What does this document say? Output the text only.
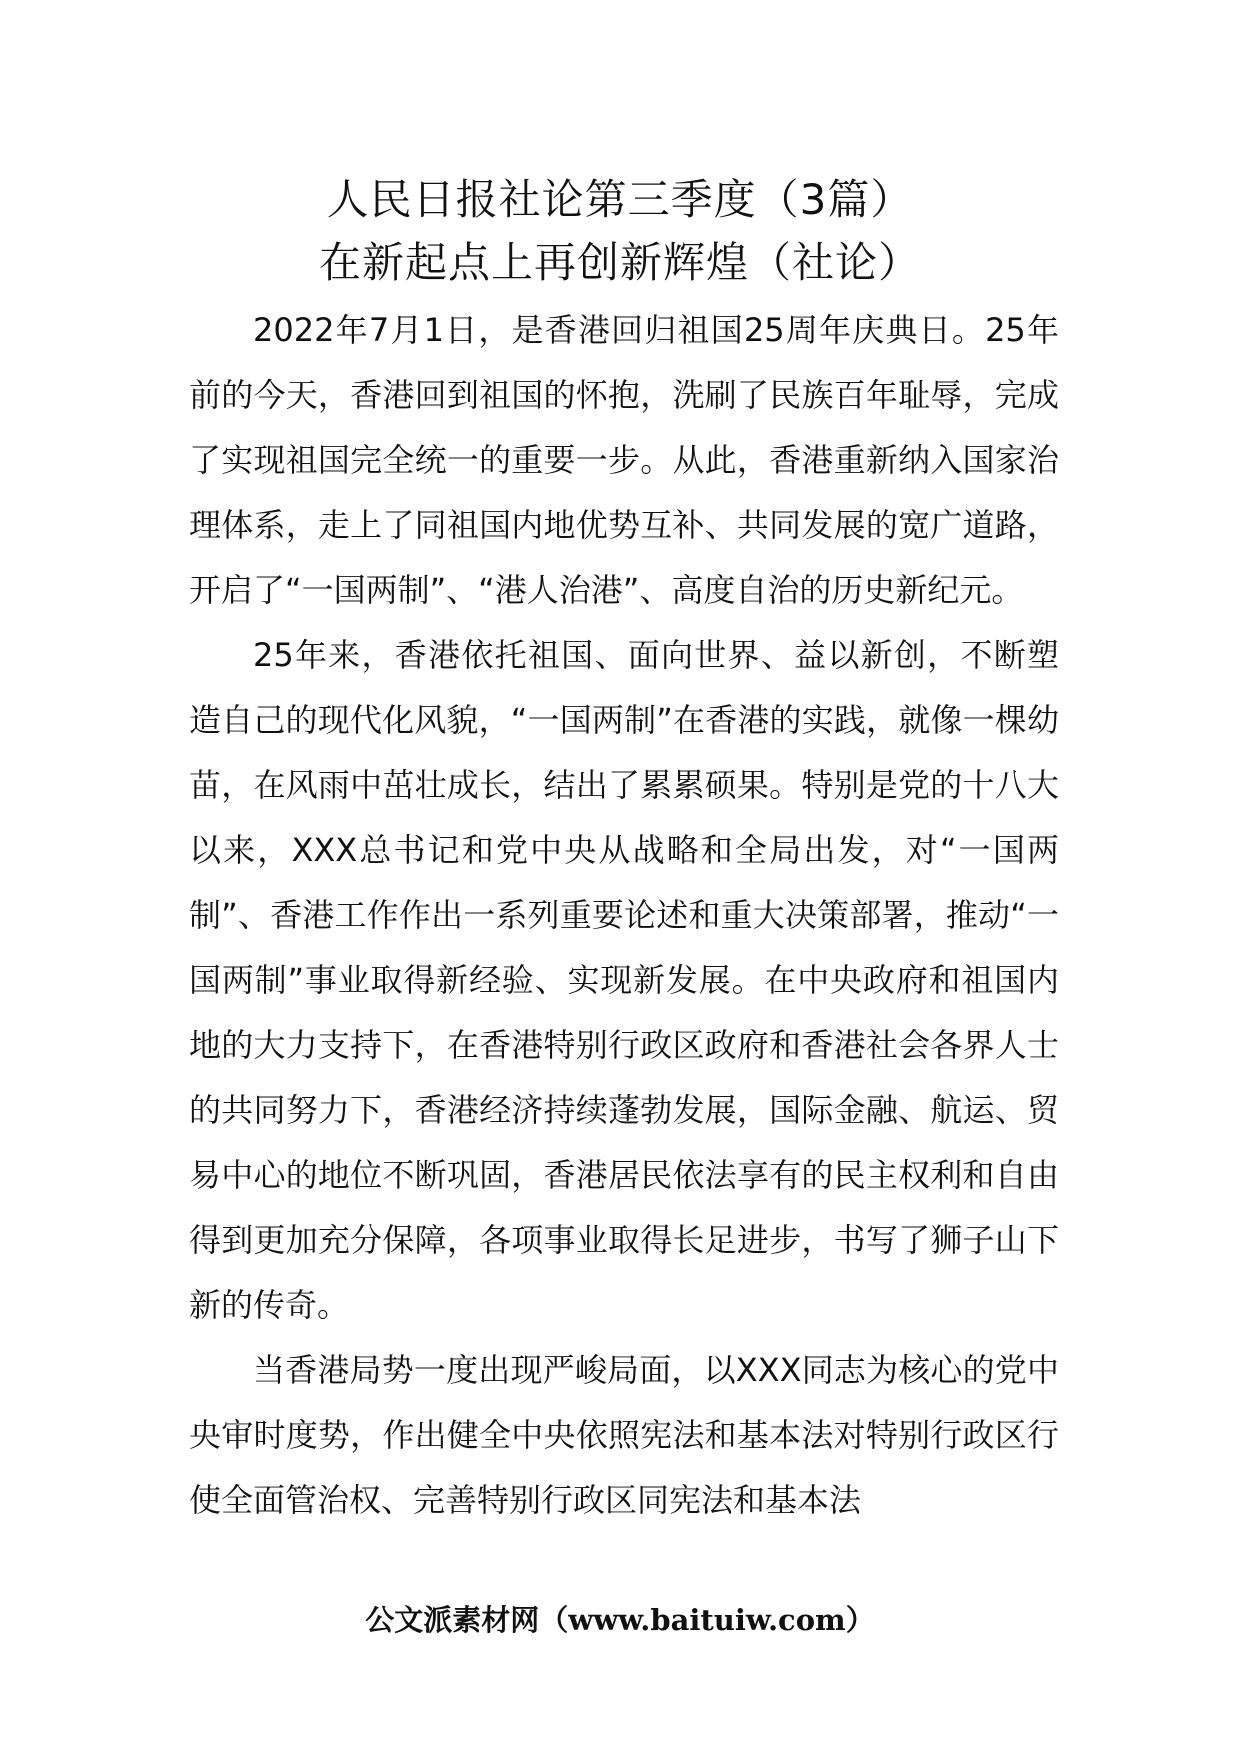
人民日报社论第三季度（3篇）
在新起点上再创新辉煌（社论）

2022年7月1日，是香港回归祖国25周年庆典日。25年前的今天，香港回到祖国的怀抱，洗刷了民族百年耻辱，完成了实现祖国完全统一的重要一步。从此，香港重新纳入国家治理体系，走上了同祖国内地优势互补、共同发展的宽广道路，开启了“一国两制”、“港人治港”、高度自治的历史新纪元。

25年来，香港依托祖国、面向世界、益以新创，不断塑造自己的现代化风貌，“一国两制”在香港的实践，就像一棵幼苗，在风雨中茁壮成长，结出了累累硕果。特别是党的十八大以来，XXX总书记和党中央从战略和全局出发，对“一国两制”、香港工作作出一系列重要论述和重大决策部署，推动“一国两制”事业取得新经验、实现新发展。在中央政府和祖国内地的大力支持下，在香港特别行政区政府和香港社会各界人士的共同努力下，香港经济持续蓬勃发展，国际金融、航运、贸易中心的地位不断巩固，香港居民依法享有的民主权利和自由得到更加充分保障，各项事业取得长足进步，书写了狮子山下新的传奇。

当香港局势一度出现严峻局面，以XXX同志为核心的党中央审时度势，作出健全中央依照宪法和基本法对特别行政区行使全面管治权、完善特别行政区同宪法和基本法

公文派素材网（www.baituiw.com）
